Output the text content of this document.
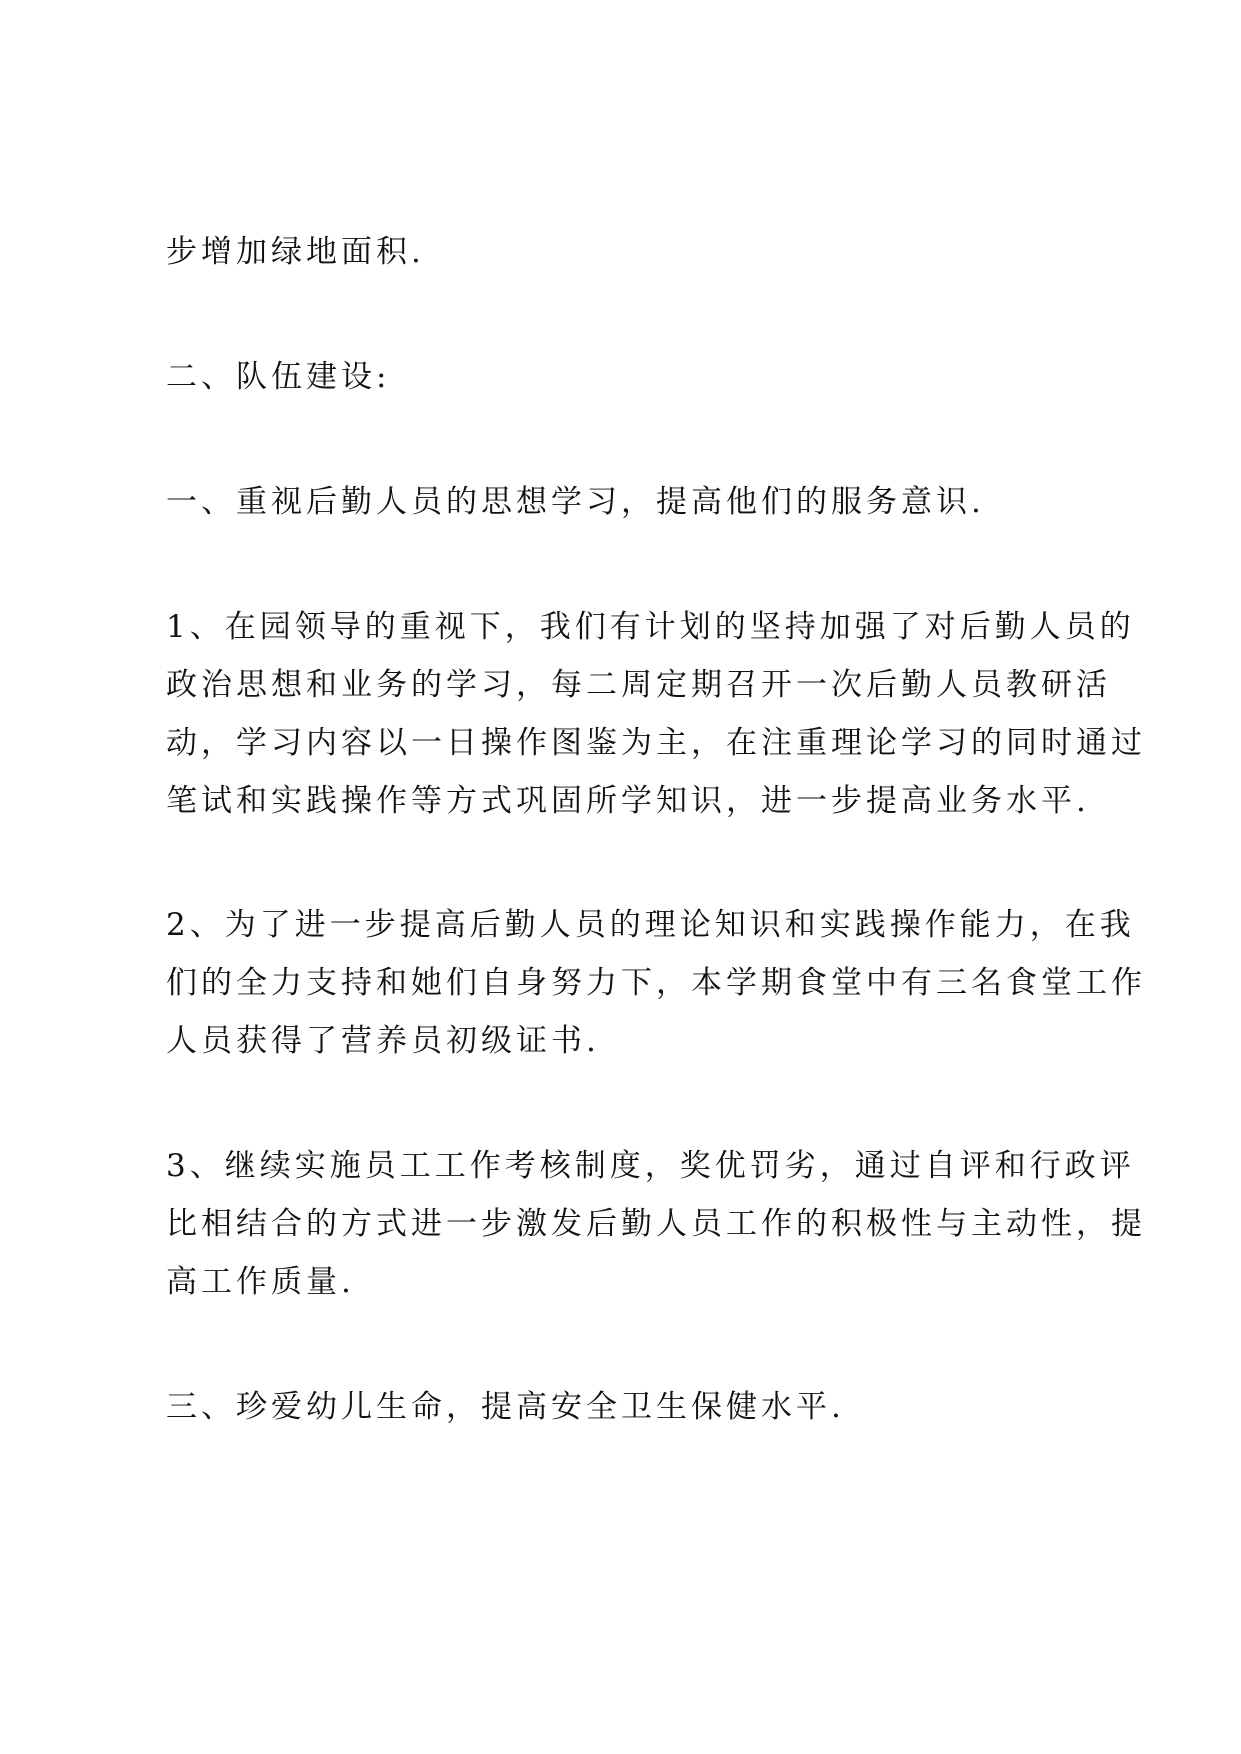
步增加绿地面积.

二、队伍建设:

一、重视后勤人员的思想学习，提高他们的服务意识.

1、在园领导的重视下，我们有计划的坚持加强了对后勤人员的

政治思想和业务的学习，每二周定期召开一次后勤人员教研活

动，学习内容以一日操作图鉴为主，在注重理论学习的同时通过

笔试和实践操作等方式巩固所学知识，进一步提高业务水平.

2、为了进一步提高后勤人员的理论知识和实践操作能力，在我

们的全力支持和她们自身努力下，本学期食堂中有三名食堂工作

人员获得了营养员初级证书.

3、继续实施员工工作考核制度，奖优罚劣，通过自评和行政评

比相结合的方式进一步激发后勤人员工作的积极性与主动性，提

高工作质量.

三、珍爱幼儿生命，提高安全卫生保健水平.
